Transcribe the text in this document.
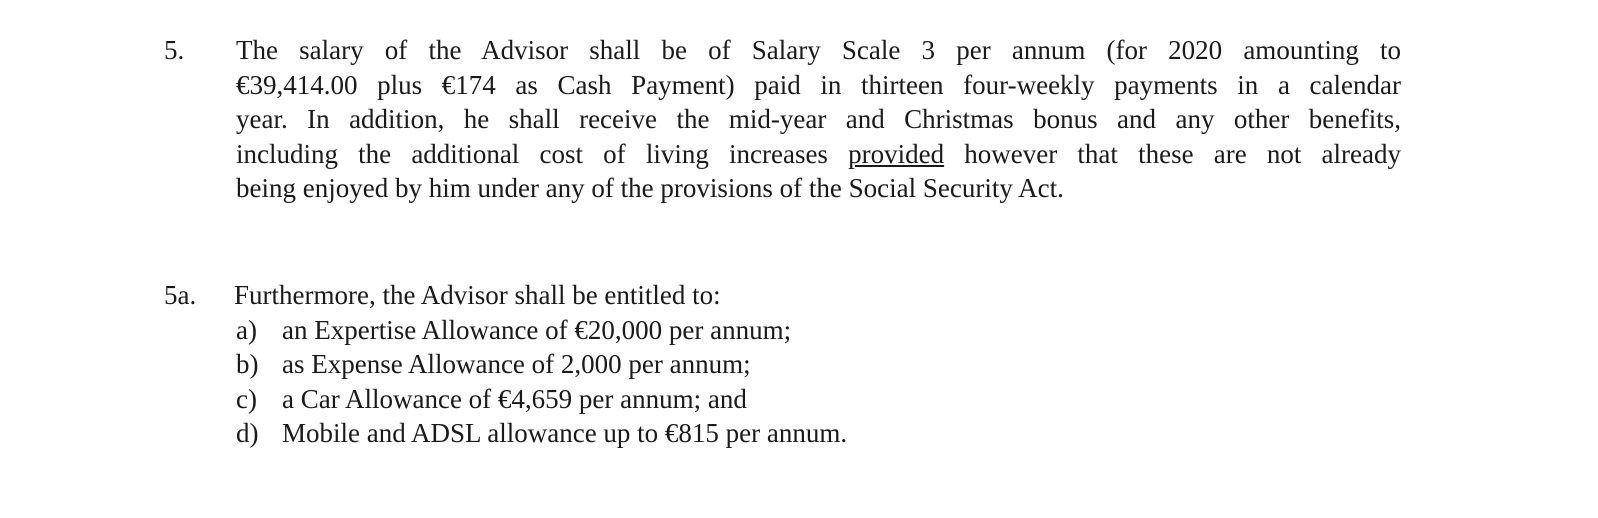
5. The salary of the Advisor shall be of Salary Scale 3 per annum (for 2020 amounting to
€39,414.00 plus €174 as Cash Payment) paid in thirteen four-weekly payments in a calendar
year. In addition, he shall receive the mid-year and Christmas bonus and any other benefits,
including the additional cost of living increases provided however that these are not already
being enjoyed by him under any of the provisions of the Social Security Act.
5a. Furthermore, the Advisor shall be entitled to:
a) an Expertise Allowance of €20,000 per annum;
b) as Expense Allowance of 2,000 per annum;
c) a Car Allowance of €4,659 per annum; and
d) Mobile and ADSL allowance up to €815 per annum.
